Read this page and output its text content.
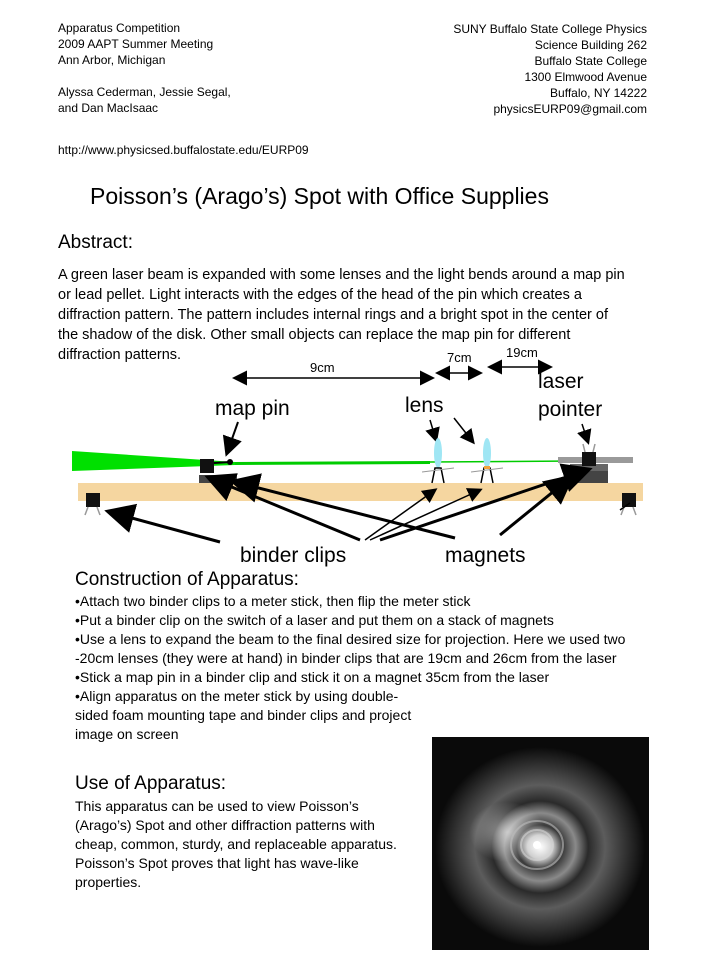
Apparatus Competition
2009 AAPT Summer Meeting
Ann Arbor, Michigan
Alyssa Cederman, Jessie Segal,
and Dan MacIsaac
SUNY Buffalo State College Physics
Science Building 262
Buffalo State College
1300 Elmwood Avenue
Buffalo, NY 14222
physicsEURP09@gmail.com
http://www.physicsed.buffalostate.edu/EURP09
Poisson’s (Arago’s) Spot with Office Supplies
Abstract:
A green laser beam is expanded with some lenses and the light bends around a map pin or lead pellet. Light interacts with the edges of the head of the pin which creates a diffraction pattern. The pattern includes internal rings and a bright spot in the center of the shadow of the disk. Other small objects can replace the map pin for different diffraction patterns.
9cm
7cm	19cm
map pin	lens
laser
pointer
binder clips	magnets
Construction of Apparatus:
•Attach two binder clips to a meter stick, then flip the meter stick
•Put a binder clip on the switch of a laser and put them on a stack of magnets
•Use a lens to expand the beam to the final desired size for projection. Here we used two -20cm lenses (they were at hand) in binder clips that are 19cm and 26cm from the laser
•Stick a map pin in a binder clip and stick it on a magnet 35cm from the laser
•Align apparatus on the meter stick by using double-sided foam mounting tape and binder clips and project image on screen
Use of Apparatus:
This apparatus can be used to view Poisson’s (Arago’s) Spot and other diffraction patterns with cheap, common, sturdy, and replaceable apparatus. Poisson’s Spot proves that light has wave-like properties.
